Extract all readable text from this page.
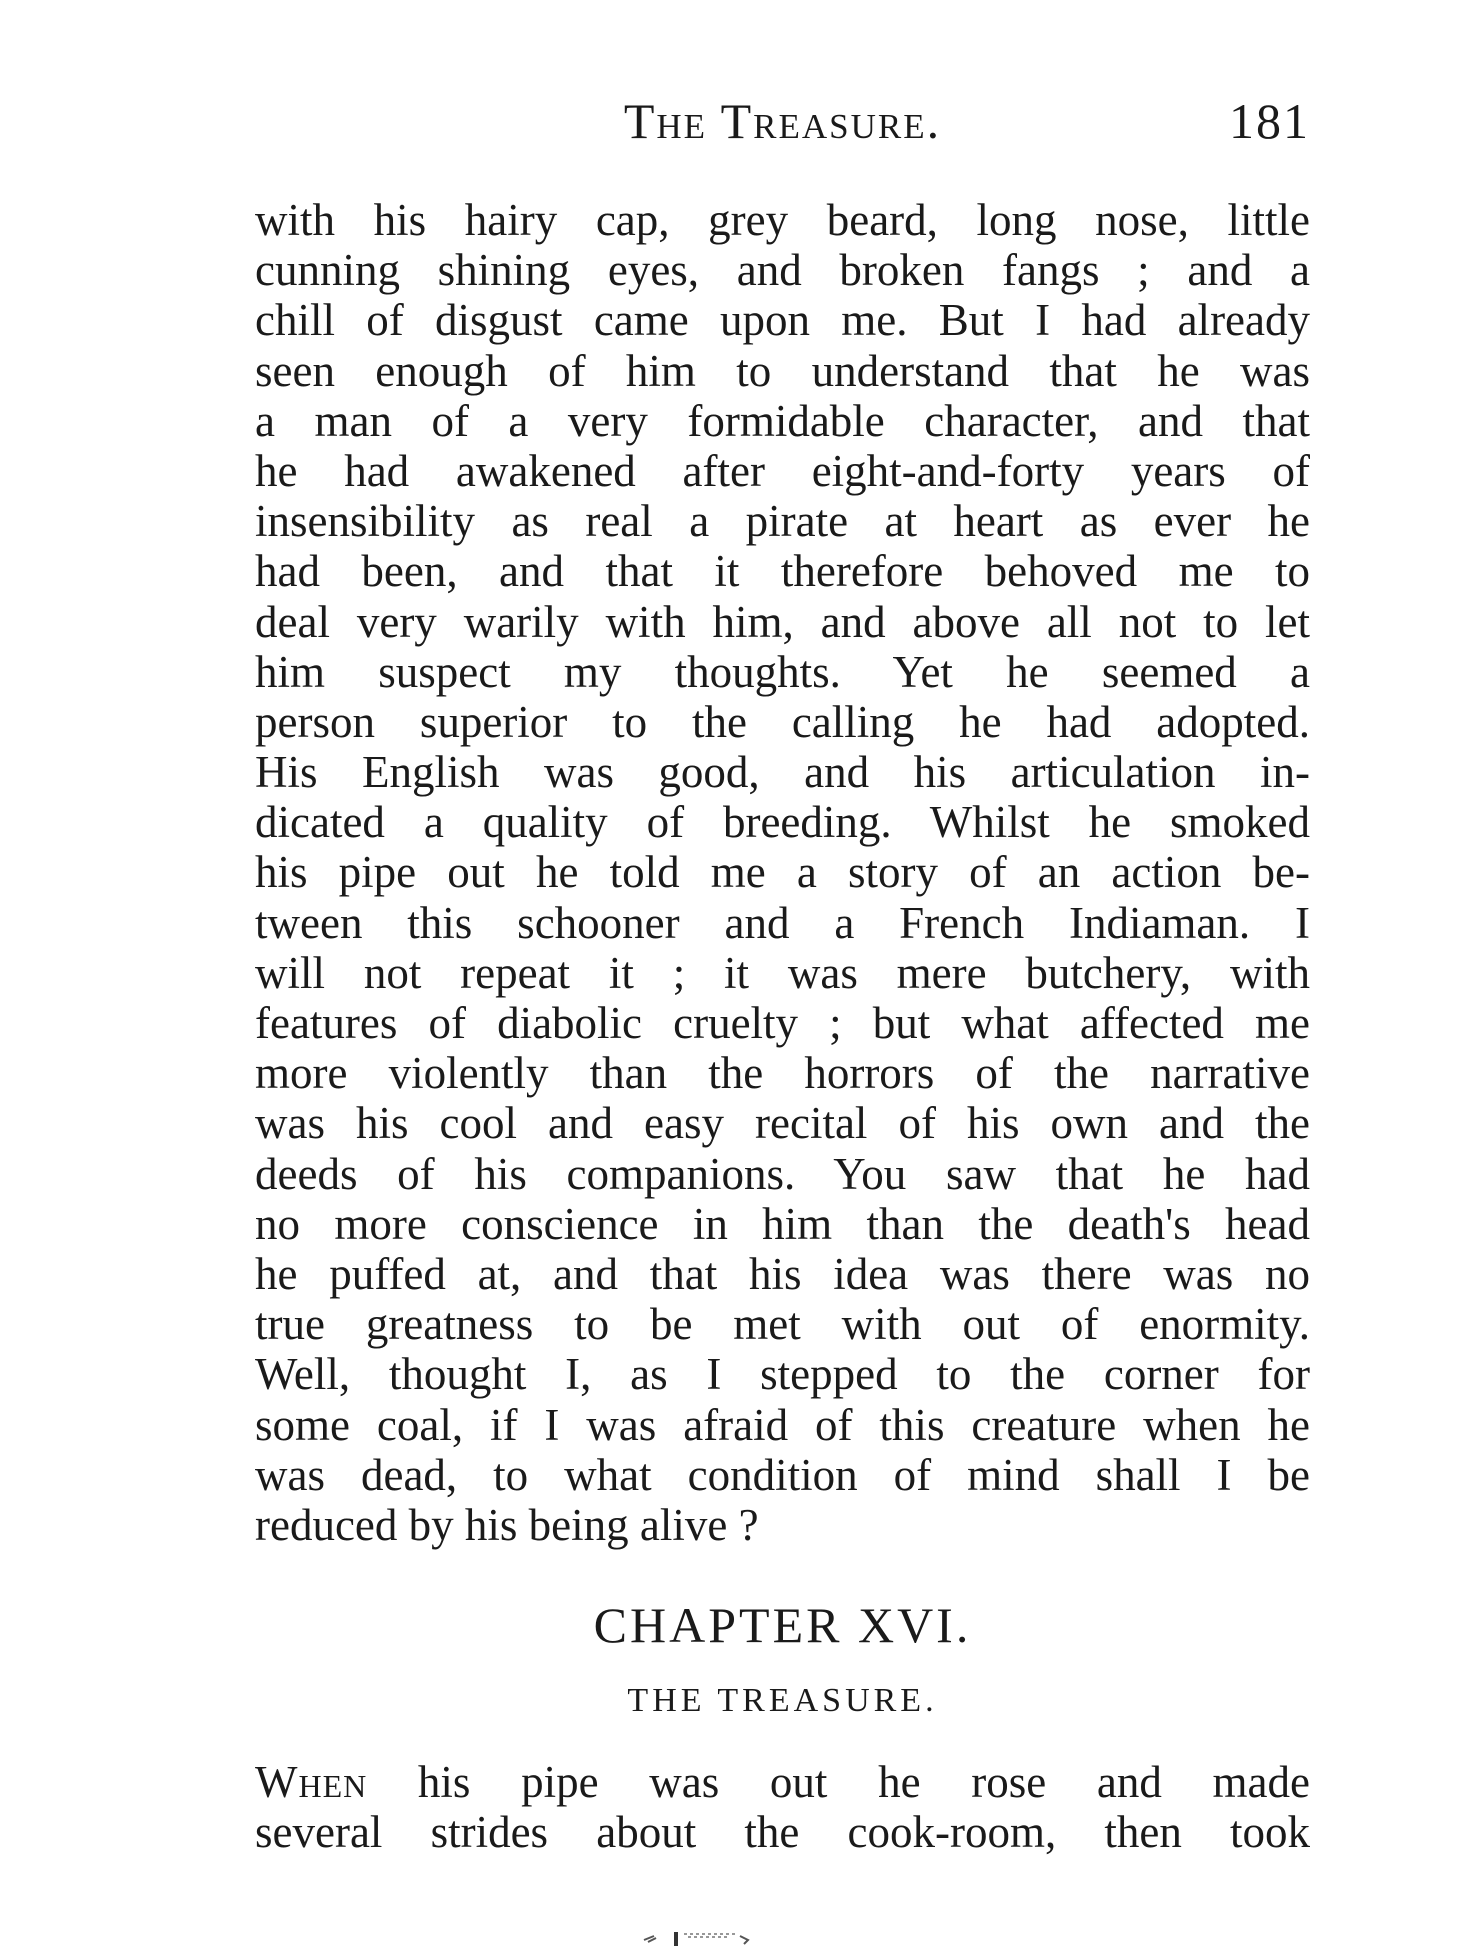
The Treasure.	181
with his hairy cap, grey beard, long nose, little
cunning shining eyes, and broken fangs ; and a
chill of disgust came upon me. But I had already
seen enough of him to understand that he was
a man of a very formidable character, and that
he had awakened after eight-and-forty years of
insensibility as real a pirate at heart as ever he
had been, and that it therefore behoved me to
deal very warily with him, and above all not to let
him suspect my thoughts. Yet he seemed a
person superior to the calling he had adopted.
His English was good, and his articulation in-
dicated a quality of breeding. Whilst he smoked
his pipe out he told me a story of an action be-
tween this schooner and a French Indiaman. I
will not repeat it ; it was mere butchery, with
features of diabolic cruelty ; but what affected me
more violently than the horrors of the narrative
was his cool and easy recital of his own and the
deeds of his companions. You saw that he had
no more conscience in him than the death's head
he puffed at, and that his idea was there was no
true greatness to be met with out of enormity.
Well, thought I, as I stepped to the corner for
some coal, if I was afraid of this creature when he
was dead, to what condition of mind shall I be
reduced by his being alive ?
CHAPTER XVI.
THE TREASURE.
When his pipe was out he rose and made
several strides about the cook-room, then took
